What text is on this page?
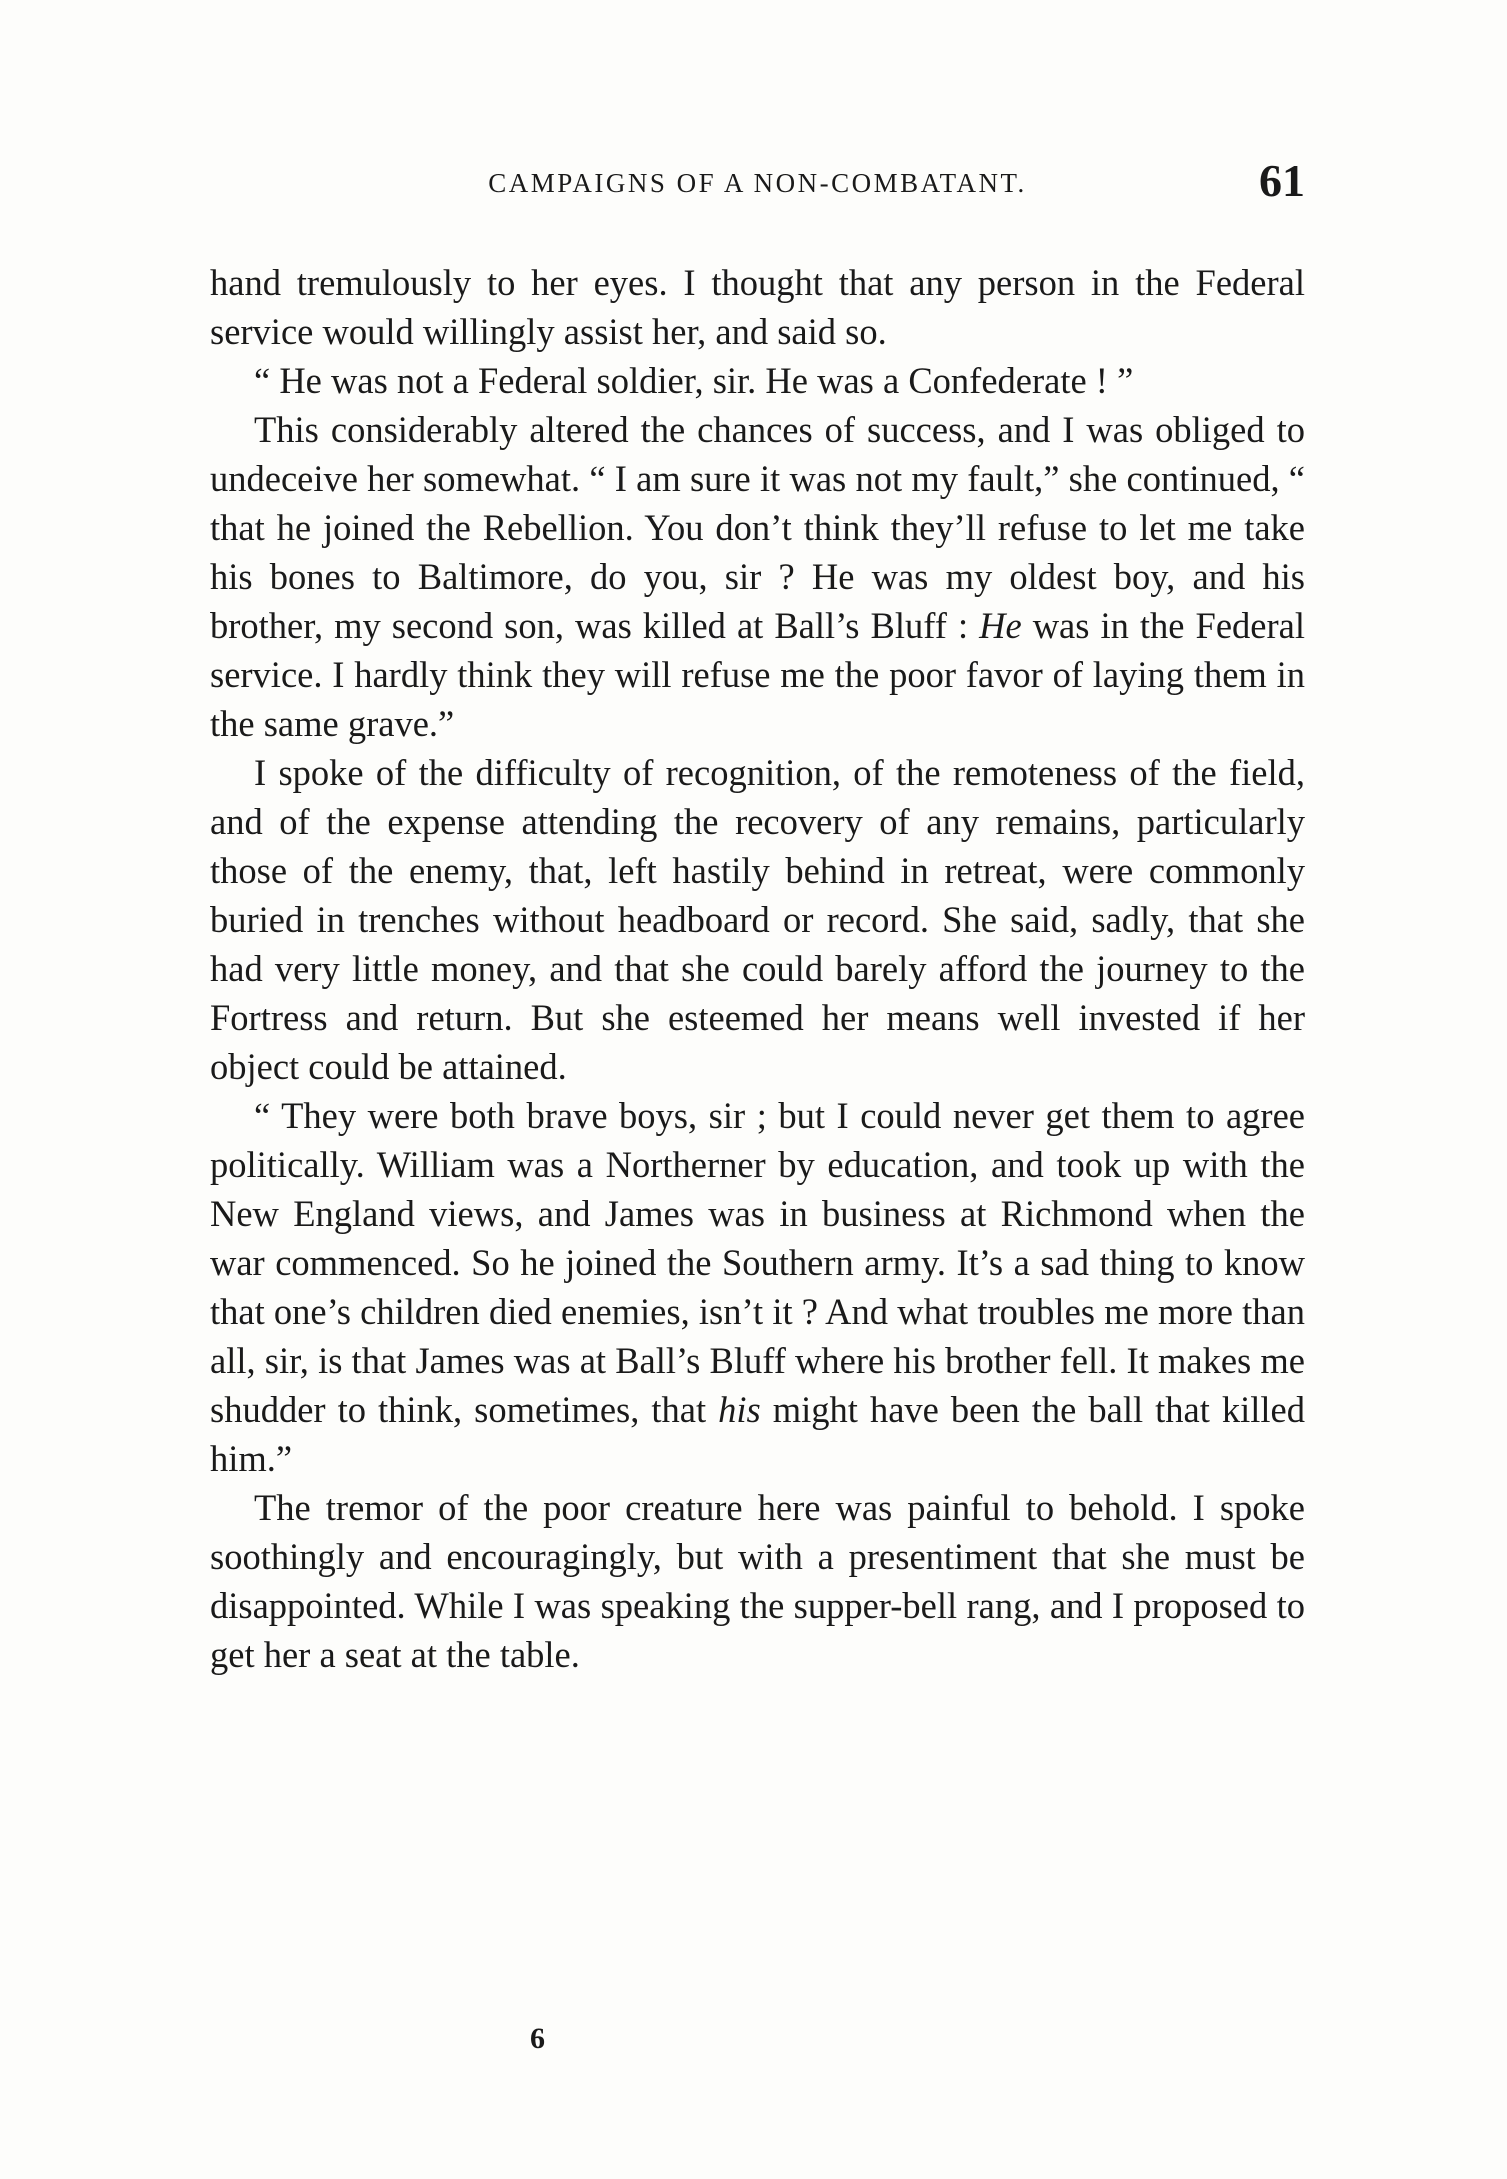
CAMPAIGNS OF A NON-COMBATANT.	61

hand tremulously to her eyes. I thought that any person in the Federal service would willingly assist her, and said so.

“ He was not a Federal soldier, sir. He was a Confederate ! ”

This considerably altered the chances of success, and I was obliged to undeceive her somewhat. “ I am sure it was not my fault,” she continued, “ that he joined the Rebellion. You don’t think they’ll refuse to let me take his bones to Baltimore, do you, sir ? He was my oldest boy, and his brother, my second son, was killed at Ball’s Bluff : He was in the Federal service. I hardly think they will refuse me the poor favor of laying them in the same grave.”

I spoke of the difficulty of recognition, of the remoteness of the field, and of the expense attending the recovery of any remains, particularly those of the enemy, that, left hastily behind in retreat, were commonly buried in trenches without headboard or record. She said, sadly, that she had very little money, and that she could barely afford the journey to the Fortress and return. But she esteemed her means well invested if her object could be attained.

“ They were both brave boys, sir ; but I could never get them to agree politically. William was a Northerner by education, and took up with the New England views, and James was in business at Richmond when the war commenced. So he joined the Southern army. It’s a sad thing to know that one’s children died enemies, isn’t it ? And what troubles me more than all, sir, is that James was at Ball’s Bluff where his brother fell. It makes me shudder to think, sometimes, that his might have been the ball that killed him.”

The tremor of the poor creature here was painful to behold. I spoke soothingly and encouragingly, but with a presentiment that she must be disappointed. While I was speaking the supper-bell rang, and I proposed to get her a seat at the table.

6
